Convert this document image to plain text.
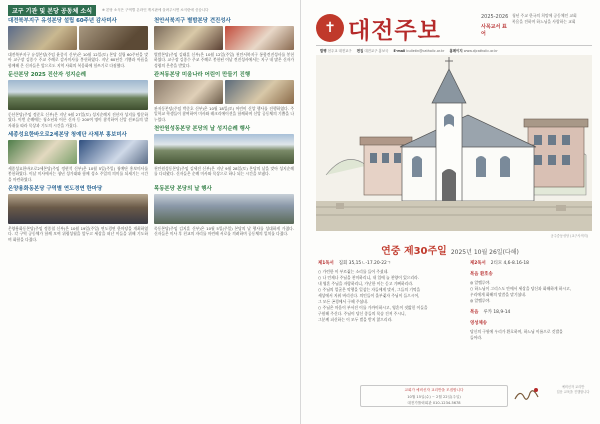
교구 기관 및 본당 공동체 소식	※ 본당 소식은 구역별 온라인 게시판에 올려주시면 소식란에 싣습니다
대전북부지구 유성본당 설립 60주년 감사미사

대전북부지구 유성본당(주임 윤종식 신부)은 10월 12일(토) 본당 설립 60주년을 맞아 교구장 김종수 주교 주례로 감사미사를 봉헌하였다. 지난 60년간 기쁨과 아픔을 함께해 온 신자들은 앞으로도 지역 사회의 복음화에 힘쓰기로 다짐했다.

둔산본당 2025 진산자 성지순례

둔산본당(주임 정준호 신부)은 지난 9월 27일(토) 성지순례지 진산자 성지를 방문하였다. 이번 순례에는 청소년과 어른 신자 등 200여 명이 참석하여 신앙 선조들의 발자취를 따라 묵상과 기도의 시간을 가졌다.

세종성요한바오로2세본당 청예단 사제부 홍보미사

세종성요한바오로2세본당(주임 정현석 신부)은 10월 5일(주일) 청예단 홍보미사를 봉헌하였다. 이날 미사에서는 청년 성가대와 함께 성소 주일의 의미를 되새기는 시간을 마련하였다.

온양용화동본당 구역별 연도경연 한마당

온양용화동본당(주임 정종철 신부)은 10월 19일(주일) 연도경연 한마당을 개최하였다. 각 구역 공동체가 함께 모여 위령성월을 앞두고 세상을 떠난 이들을 위해 기도하며 화합을 다졌다.

천안서북지구 별밤본당 견진성사

별밤본당(주임 김태훈 신부)은 10월 12일(주일) 천안서북지구 통합견진성사를 봉헌하였다. 교구장 김종수 주교 주례로 봉헌된 이날 견진성사에서는 지구 내 많은 신자가 성령의 은총을 받았다.

관저동본당 미움나라 어린이 만들기 진행

관저동본당(주임 박준호 신부)은 10월 18일(토) 어린이 신앙 행사를 진행하였다. 주일학교 학생들이 참여하여 미사와 레크리에이션을 함께하며 신앙 공동체의 기쁨을 나누었다.

천안원성동본당 본당의 날 성지순례 행사

천안원성동본당(주임 김세진 신부)은 지난 9월 28일(토) 본당의 날을 맞아 성지순례를 다녀왔다. 신자들은 순례 미사와 묵상으로 하나 되는 시간을 보냈다.

목동본당 본당의 날 행사

목동본당(주임 김지훈 신부)은 10월 5일(주일) 본당의 날 행사를 성대하게 가졌다. 신자들은 미사 후 친교의 자리를 마련해 서로를 격려하며 공동체의 일치를 다졌다.

✝ 대전주보
2025-2026
사목교서 표어
청년 주교 한국의 희망에 공동체인 교회
복음을 전하며 하느님을 사랑하는 교회
발행 천주교 대전교구 편집 대전교구 홍보국 E-mail bulletin@catholic.or.kr 홈페이지 www.djcatholic.or.kr
공주중동성당 (교구사적지)
연중 제30주일 2025년 10월 26일(다해)
제1독서 집회 35,15ㄴ-17.20-22ㄱ
○ 가련한 이 부르짖는 소리를 들어 주셨네.
○ 나 언제나 주님을 찬미하리니, 내 입에 늘 찬양이 있으리라.
내 영혼 주님을 자랑하리니, 가난한 이는 듣고 기뻐하리라.
○ 주님의 얼굴은 악행을 일삼는 자들에게 맞서, 그들의 기억을
세상에서 지워 버리신다. 의인들이 울부짖자 주님이 들으시어,
그 모든 곤경에서 구해 주셨네.
○ 주님은 마음이 부서진 이를 가까이하시고, 영혼이 짓밟힌 이들을
구원해 주신다. 주님이 당신 종들의 목숨 건져 주시니,
그분께 피신하는 이 모두 벌을 받지 않으리라.
제2독서 2티모 4,6-8.16-18
복음 환호송
◎ 알렐루야.
○ 하느님이 그리스도 안에서 세상을 당신과 화해하게 하시고,
우리에게 화해의 말씀을 맡기셨네.
◎ 알렐루야.
복음 루카 18,9-14
영성체송
당신의 구원에 우리가 환호하며, 하느님 이름으로 깃발을
들어라.
교회가 예비신자 교리반을 모집합니다
10월 15일(수) ~ 2월 22일(주일)
대전가톨릭회관 010-1234-5678
예비신자 교리반
입문 교육을 진행합니다
